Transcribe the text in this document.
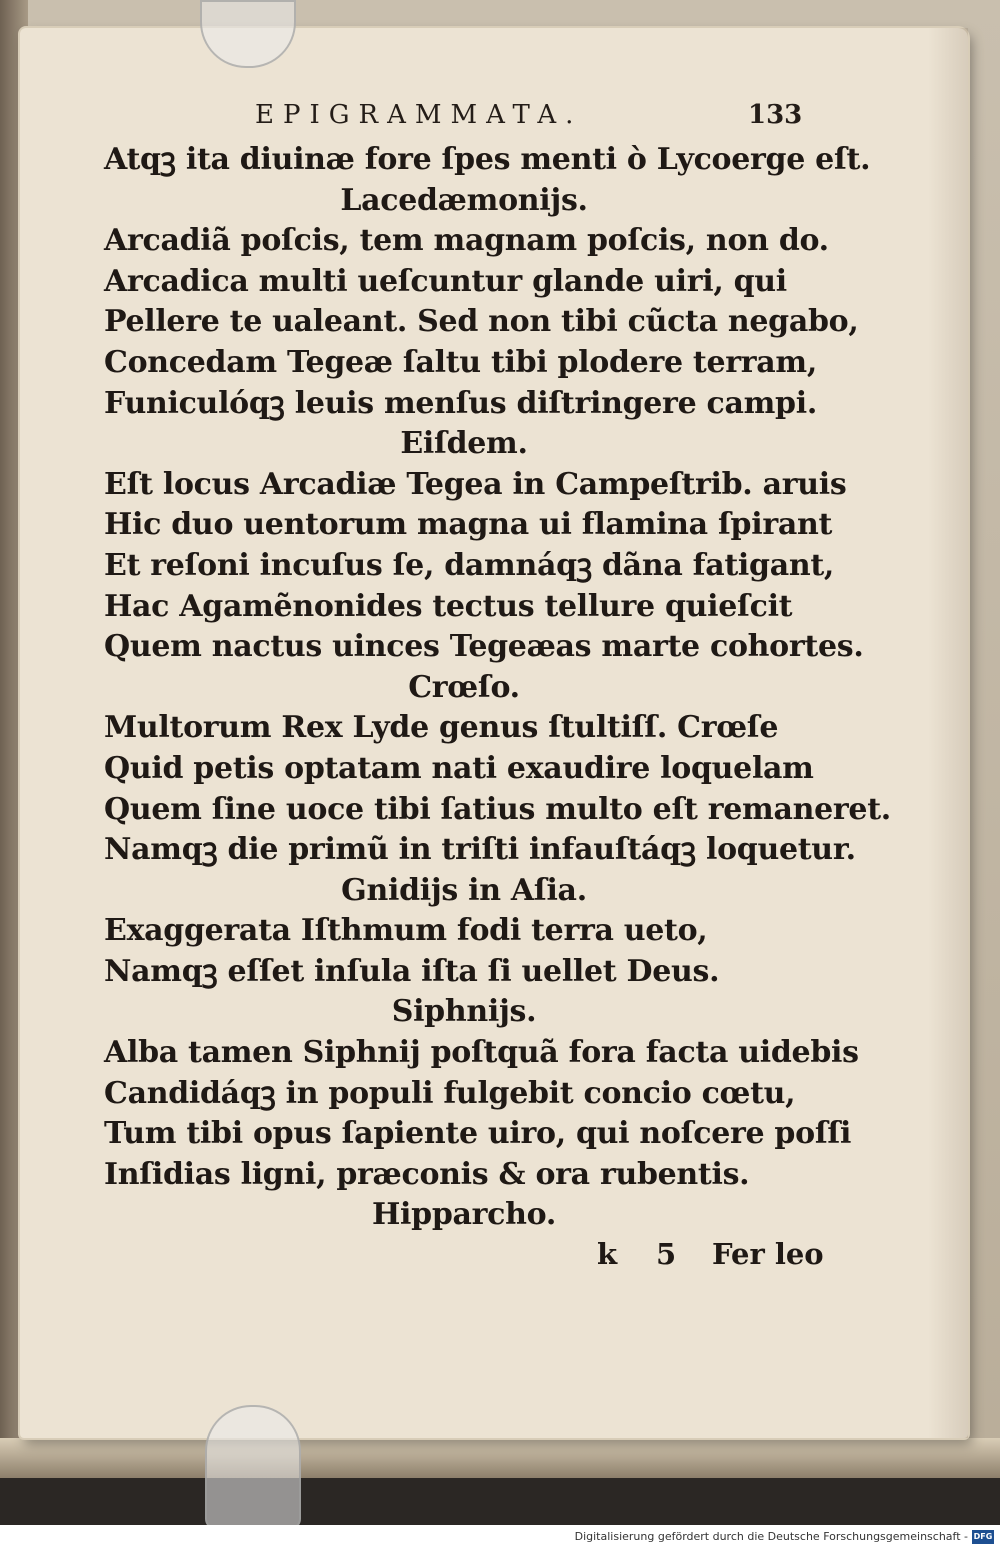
EPIGRAMMATA.	133
Atqꝫ ita diuinæ fore ſpes menti ò Lycoerge eſt.
Lacedæmonijs.
Arcadiã poſcis, tem magnam poſcis, non do.
Arcadica multi ueſcuntur glande uiri, qui
Pellere te ualeant. Sed non tibi cũcta negabo,
Concedam Tegeæ ſaltu tibi plodere terram,
Funiculóqꝫ leuis menſus diſtringere campi.
Eiſdem.
Eſt locus Arcadiæ Tegea in Campeſtrib. aruis
Hic duo uentorum magna ui flamina ſpirant
Et reſoni incuſus ſe, damnáqꝫ dãna fatigant,
Hac Agamẽnonides tectus tellure quieſcit
Quem nactus uinces Tegeæas marte cohortes.
Crœſo.
Multorum Rex Lyde genus ſtultiſſ. Crœſe
Quid petis optatam nati exaudire loquelam
Quem ſine uoce tibi ſatius multo eſt remaneret.
Namqꝫ die primũ in triſti infauſtáqꝫ loquetur.
Gnidijs in Aſia.
Exaggerata Iſthmum fodi terra ueto,
Namqꝫ eſſet inſula iſta ſi uellet Deus.
Siphnijs.
Alba tamen Siphnij poſtquã fora facta uidebis
Candidáqꝫ in populi fulgebit concio cœtu,
Tum tibi opus ſapiente uiro, qui noſcere poſſi
Inſidias ligni, præconis & ora rubentis.
Hipparcho.
k 5 Fer leo
Digitalisierung gefördert durch die Deutsche Forschungsgemeinschaft - DFG
